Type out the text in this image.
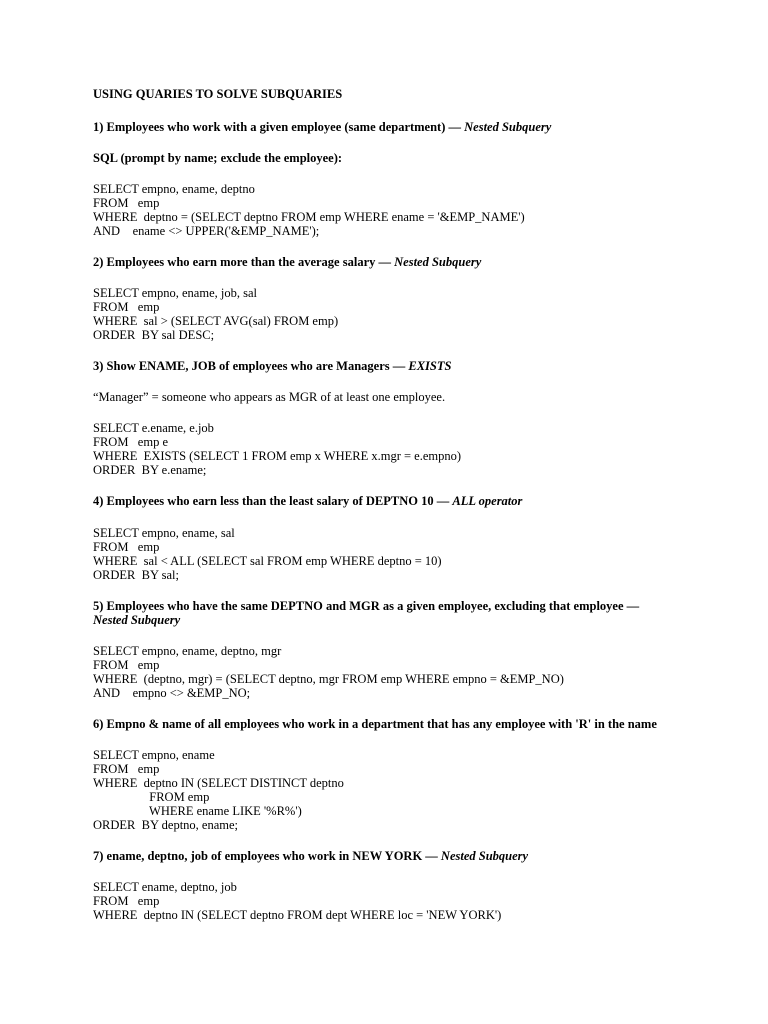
USING QUARIES TO SOLVE SUBQUARIES
1) Employees who work with a given employee (same department) — Nested Subquery
SQL (prompt by name; exclude the employee):
SELECT empno, ename, deptno
FROM   emp
WHERE  deptno = (SELECT deptno FROM emp WHERE ename = '&EMP_NAME')
AND    ename <> UPPER('&EMP_NAME');
2) Employees who earn more than the average salary — Nested Subquery
SELECT empno, ename, job, sal
FROM   emp
WHERE  sal > (SELECT AVG(sal) FROM emp)
ORDER  BY sal DESC;
3) Show ENAME, JOB of employees who are Managers — EXISTS
“Manager” = someone who appears as MGR of at least one employee.
SELECT e.ename, e.job
FROM   emp e
WHERE  EXISTS (SELECT 1 FROM emp x WHERE x.mgr = e.empno)
ORDER  BY e.ename;
4) Employees who earn less than the least salary of DEPTNO 10 — ALL operator
SELECT empno, ename, sal
FROM   emp
WHERE  sal < ALL (SELECT sal FROM emp WHERE deptno = 10)
ORDER  BY sal;
5) Employees who have the same DEPTNO and MGR as a given employee, excluding that employee —
Nested Subquery
SELECT empno, ename, deptno, mgr
FROM   emp
WHERE  (deptno, mgr) = (SELECT deptno, mgr FROM emp WHERE empno = &EMP_NO)
AND    empno <> &EMP_NO;
6) Empno & name of all employees who work in a department that has any employee with 'R' in the name
SELECT empno, ename
FROM   emp
WHERE  deptno IN (SELECT DISTINCT deptno
FROM emp
WHERE ename LIKE '%R%')
ORDER  BY deptno, ename;
7) ename, deptno, job of employees who work in NEW YORK — Nested Subquery
SELECT ename, deptno, job
FROM   emp
WHERE  deptno IN (SELECT deptno FROM dept WHERE loc = 'NEW YORK')
